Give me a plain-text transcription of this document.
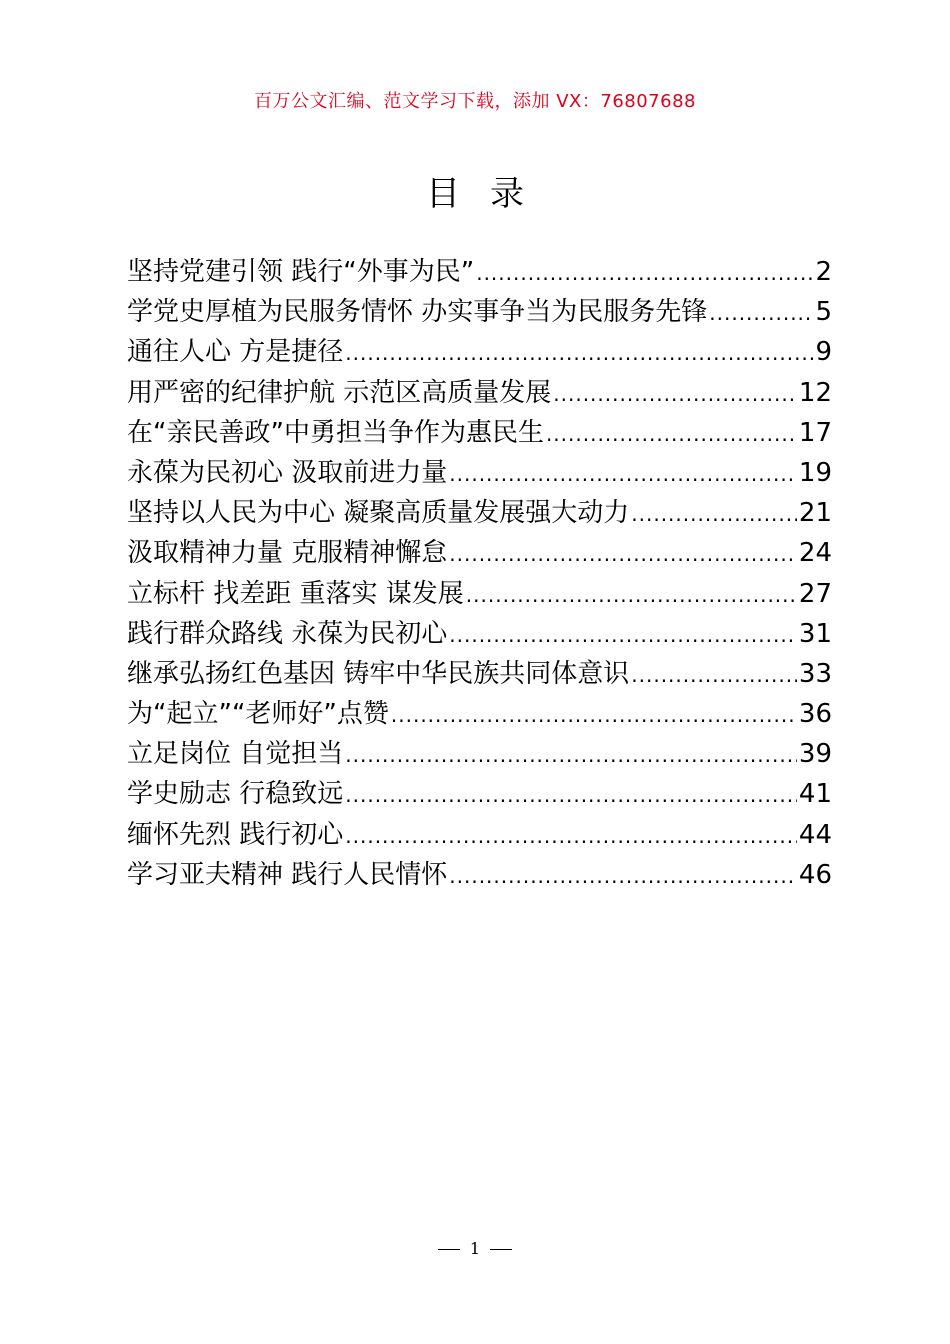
百万公文汇编、范文学习下载，添加 VX：76807688
目录
坚持党建引领 践行“外事为民” .....	2
学党史厚植为民服务情怀 办实事争当为民服务先锋 .....	5
通往人心 方是捷径 .....	9
用严密的纪律护航 示范区高质量发展 .....	12
在“亲民善政”中勇担当争作为惠民生 .....	17
永葆为民初心 汲取前进力量 .....	19
坚持以人民为中心 凝聚高质量发展强大动力 .....	21
汲取精神力量 克服精神懈怠 .....	24
立标杆 找差距 重落实 谋发展 .....	27
践行群众路线 永葆为民初心 .....	31
继承弘扬红色基因 铸牢中华民族共同体意识 .....	33
为“起立”“老师好”点赞 .....	36
立足岗位 自觉担当 .....	39
学史励志 行稳致远 .....	41
缅怀先烈 践行初心 .....	44
学习亚夫精神 践行人民情怀 .....	46
1
